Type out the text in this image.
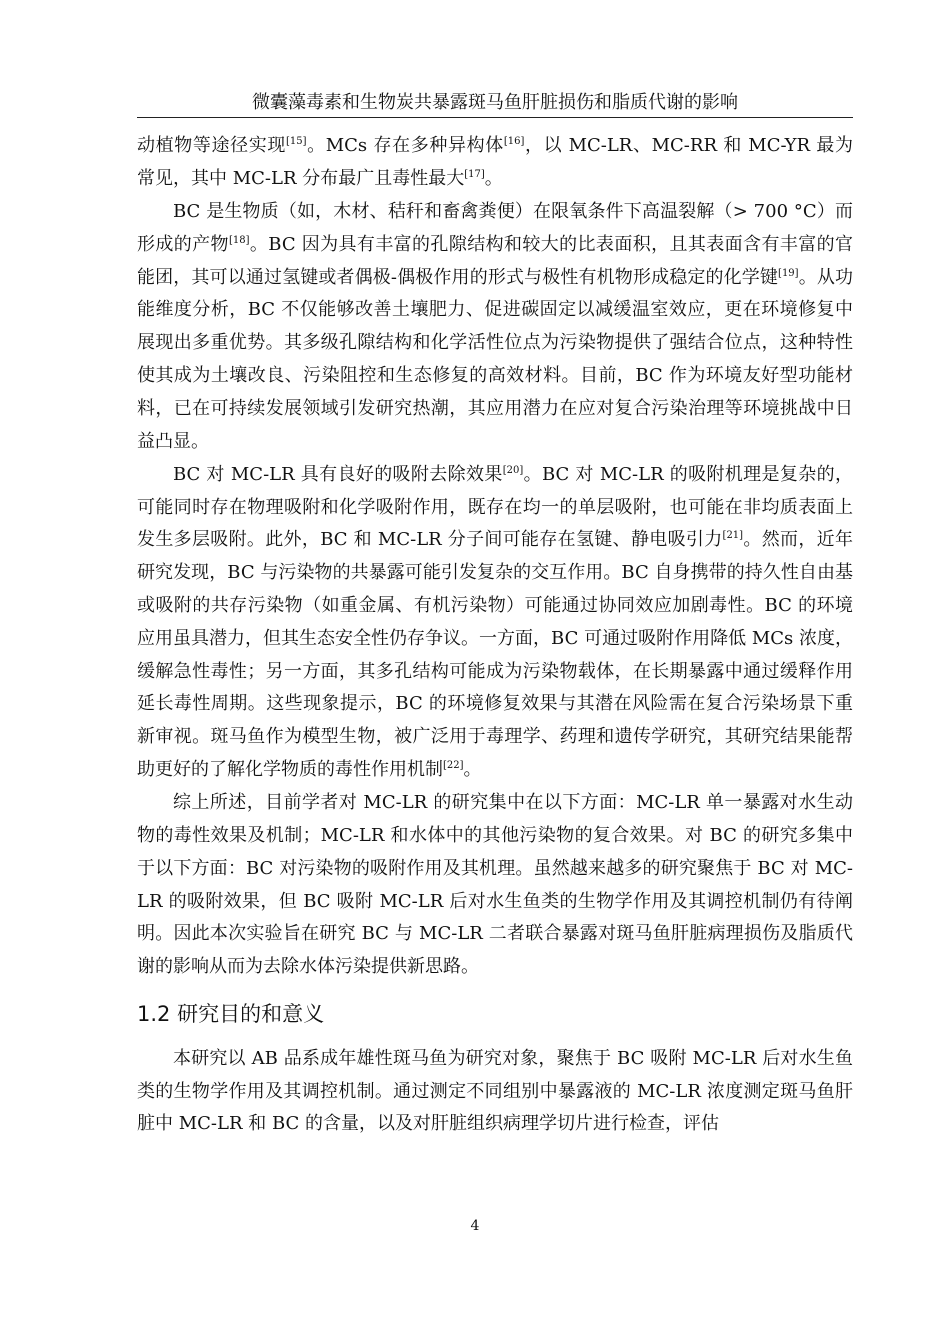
微囊藻毒素和生物炭共暴露斑马鱼肝脏损伤和脂质代谢的影响

动植物等途径实现[15]。MCs 存在多种异构体[16]，以 MC-LR、MC-RR 和 MC-YR 最为常见，其中 MC-LR 分布最广且毒性最大[17]。

BC 是生物质（如，木材、秸秆和畜禽粪便）在限氧条件下高温裂解（> 700 °C）而形成的产物[18]。BC 因为具有丰富的孔隙结构和较大的比表面积，且其表面含有丰富的官能团，其可以通过氢键或者偶极-偶极作用的形式与极性有机物形成稳定的化学键[19]。从功能维度分析，BC 不仅能够改善土壤肥力、促进碳固定以减缓温室效应，更在环境修复中展现出多重优势。其多级孔隙结构和化学活性位点为污染物提供了强结合位点，这种特性使其成为土壤改良、污染阻控和生态修复的高效材料。目前，BC 作为环境友好型功能材料，已在可持续发展领域引发研究热潮，其应用潜力在应对复合污染治理等环境挑战中日益凸显。

BC 对 MC-LR 具有良好的吸附去除效果[20]。BC 对 MC-LR 的吸附机理是复杂的，可能同时存在物理吸附和化学吸附作用，既存在均一的单层吸附，也可能在非均质表面上发生多层吸附。此外，BC 和 MC-LR 分子间可能存在氢键、静电吸引力[21]。然而，近年研究发现，BC 与污染物的共暴露可能引发复杂的交互作用。BC 自身携带的持久性自由基或吸附的共存污染物（如重金属、有机污染物）可能通过协同效应加剧毒性。BC 的环境应用虽具潜力，但其生态安全性仍存争议。一方面，BC 可通过吸附作用降低 MCs 浓度，缓解急性毒性；另一方面，其多孔结构可能成为污染物载体，在长期暴露中通过缓释作用延长毒性周期。这些现象提示，BC 的环境修复效果与其潜在风险需在复合污染场景下重新审视。斑马鱼作为模型生物，被广泛用于毒理学、药理和遗传学研究，其研究结果能帮助更好的了解化学物质的毒性作用机制[22]。

综上所述，目前学者对 MC-LR 的研究集中在以下方面：MC-LR 单一暴露对水生动物的毒性效果及机制；MC-LR 和水体中的其他污染物的复合效果。对 BC 的研究多集中于以下方面：BC 对污染物的吸附作用及其机理。虽然越来越多的研究聚焦于 BC 对 MC-LR 的吸附效果，但 BC 吸附 MC-LR 后对水生鱼类的生物学作用及其调控机制仍有待阐明。因此本次实验旨在研究 BC 与 MC-LR 二者联合暴露对斑马鱼肝脏病理损伤及脂质代谢的影响从而为去除水体污染提供新思路。

1.2 研究目的和意义

本研究以 AB 品系成年雄性斑马鱼为研究对象，聚焦于 BC 吸附 MC-LR 后对水生鱼类的生物学作用及其调控机制。通过测定不同组别中暴露液的 MC-LR 浓度测定斑马鱼肝脏中 MC-LR 和 BC 的含量，以及对肝脏组织病理学切片进行检查，评估

4
